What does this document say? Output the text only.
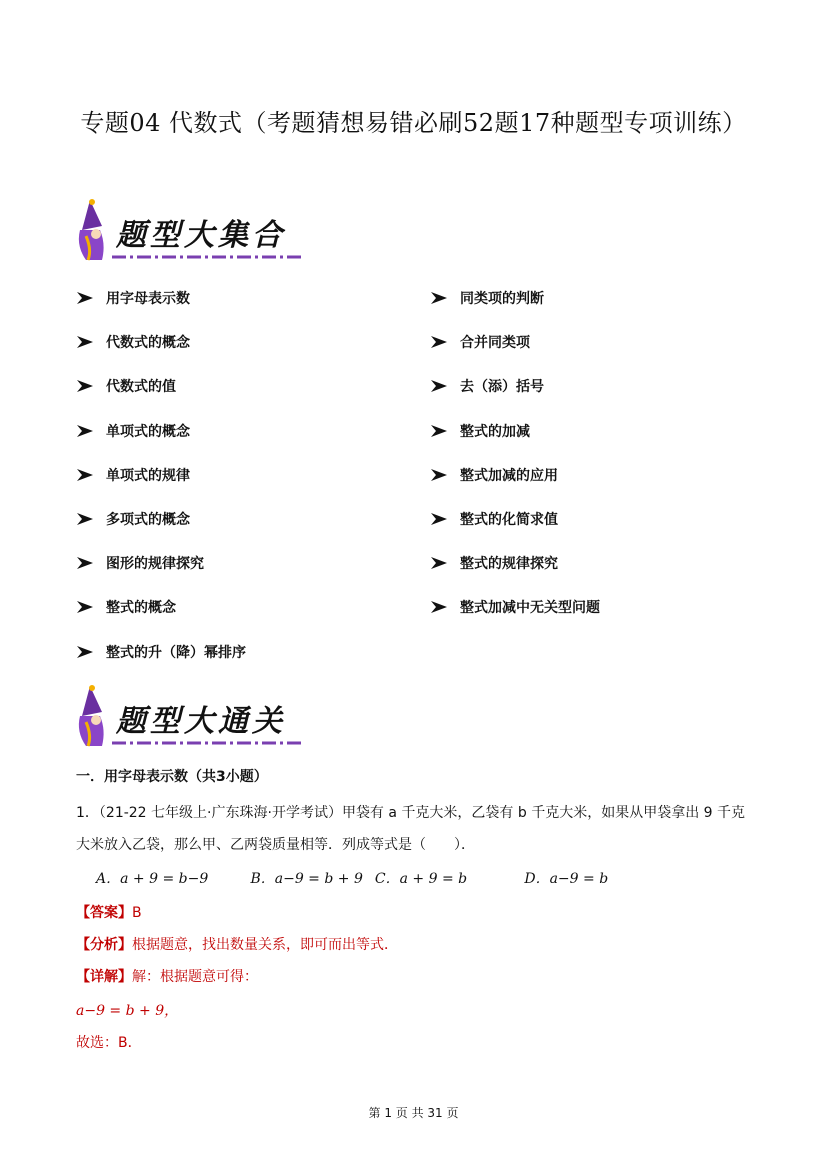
专题04 代数式（考题猜想易错必刷52题17种题型专项训练）
题型大集合
用字母表示数
代数式的概念
代数式的值
单项式的概念
单项式的规律
多项式的概念
图形的规律探究
整式的概念
整式的升（降）幂排序
同类项的判断
合并同类项
去（添）括号
整式的加减
整式加减的应用
整式的化简求值
整式的规律探究
整式加减中无关型问题
题型大通关
一．用字母表示数（共3小题）
1．（21-22 七年级上·广东珠海·开学考试）甲袋有 a 千克大米，乙袋有 b 千克大米，如果从甲袋拿出 9 千克
大米放入乙袋，那么甲、乙两袋质量相等．列成等式是（　　）．
A．a + 9 = b−9	B．a−9 = b + 9 C．a + 9 = b	D．a−9 = b
【答案】B
【分析】根据题意，找出数量关系，即可而出等式．
【详解】解：根据题意可得：
a−9 = b + 9，
故选：B．
第 1 页 共 31 页
